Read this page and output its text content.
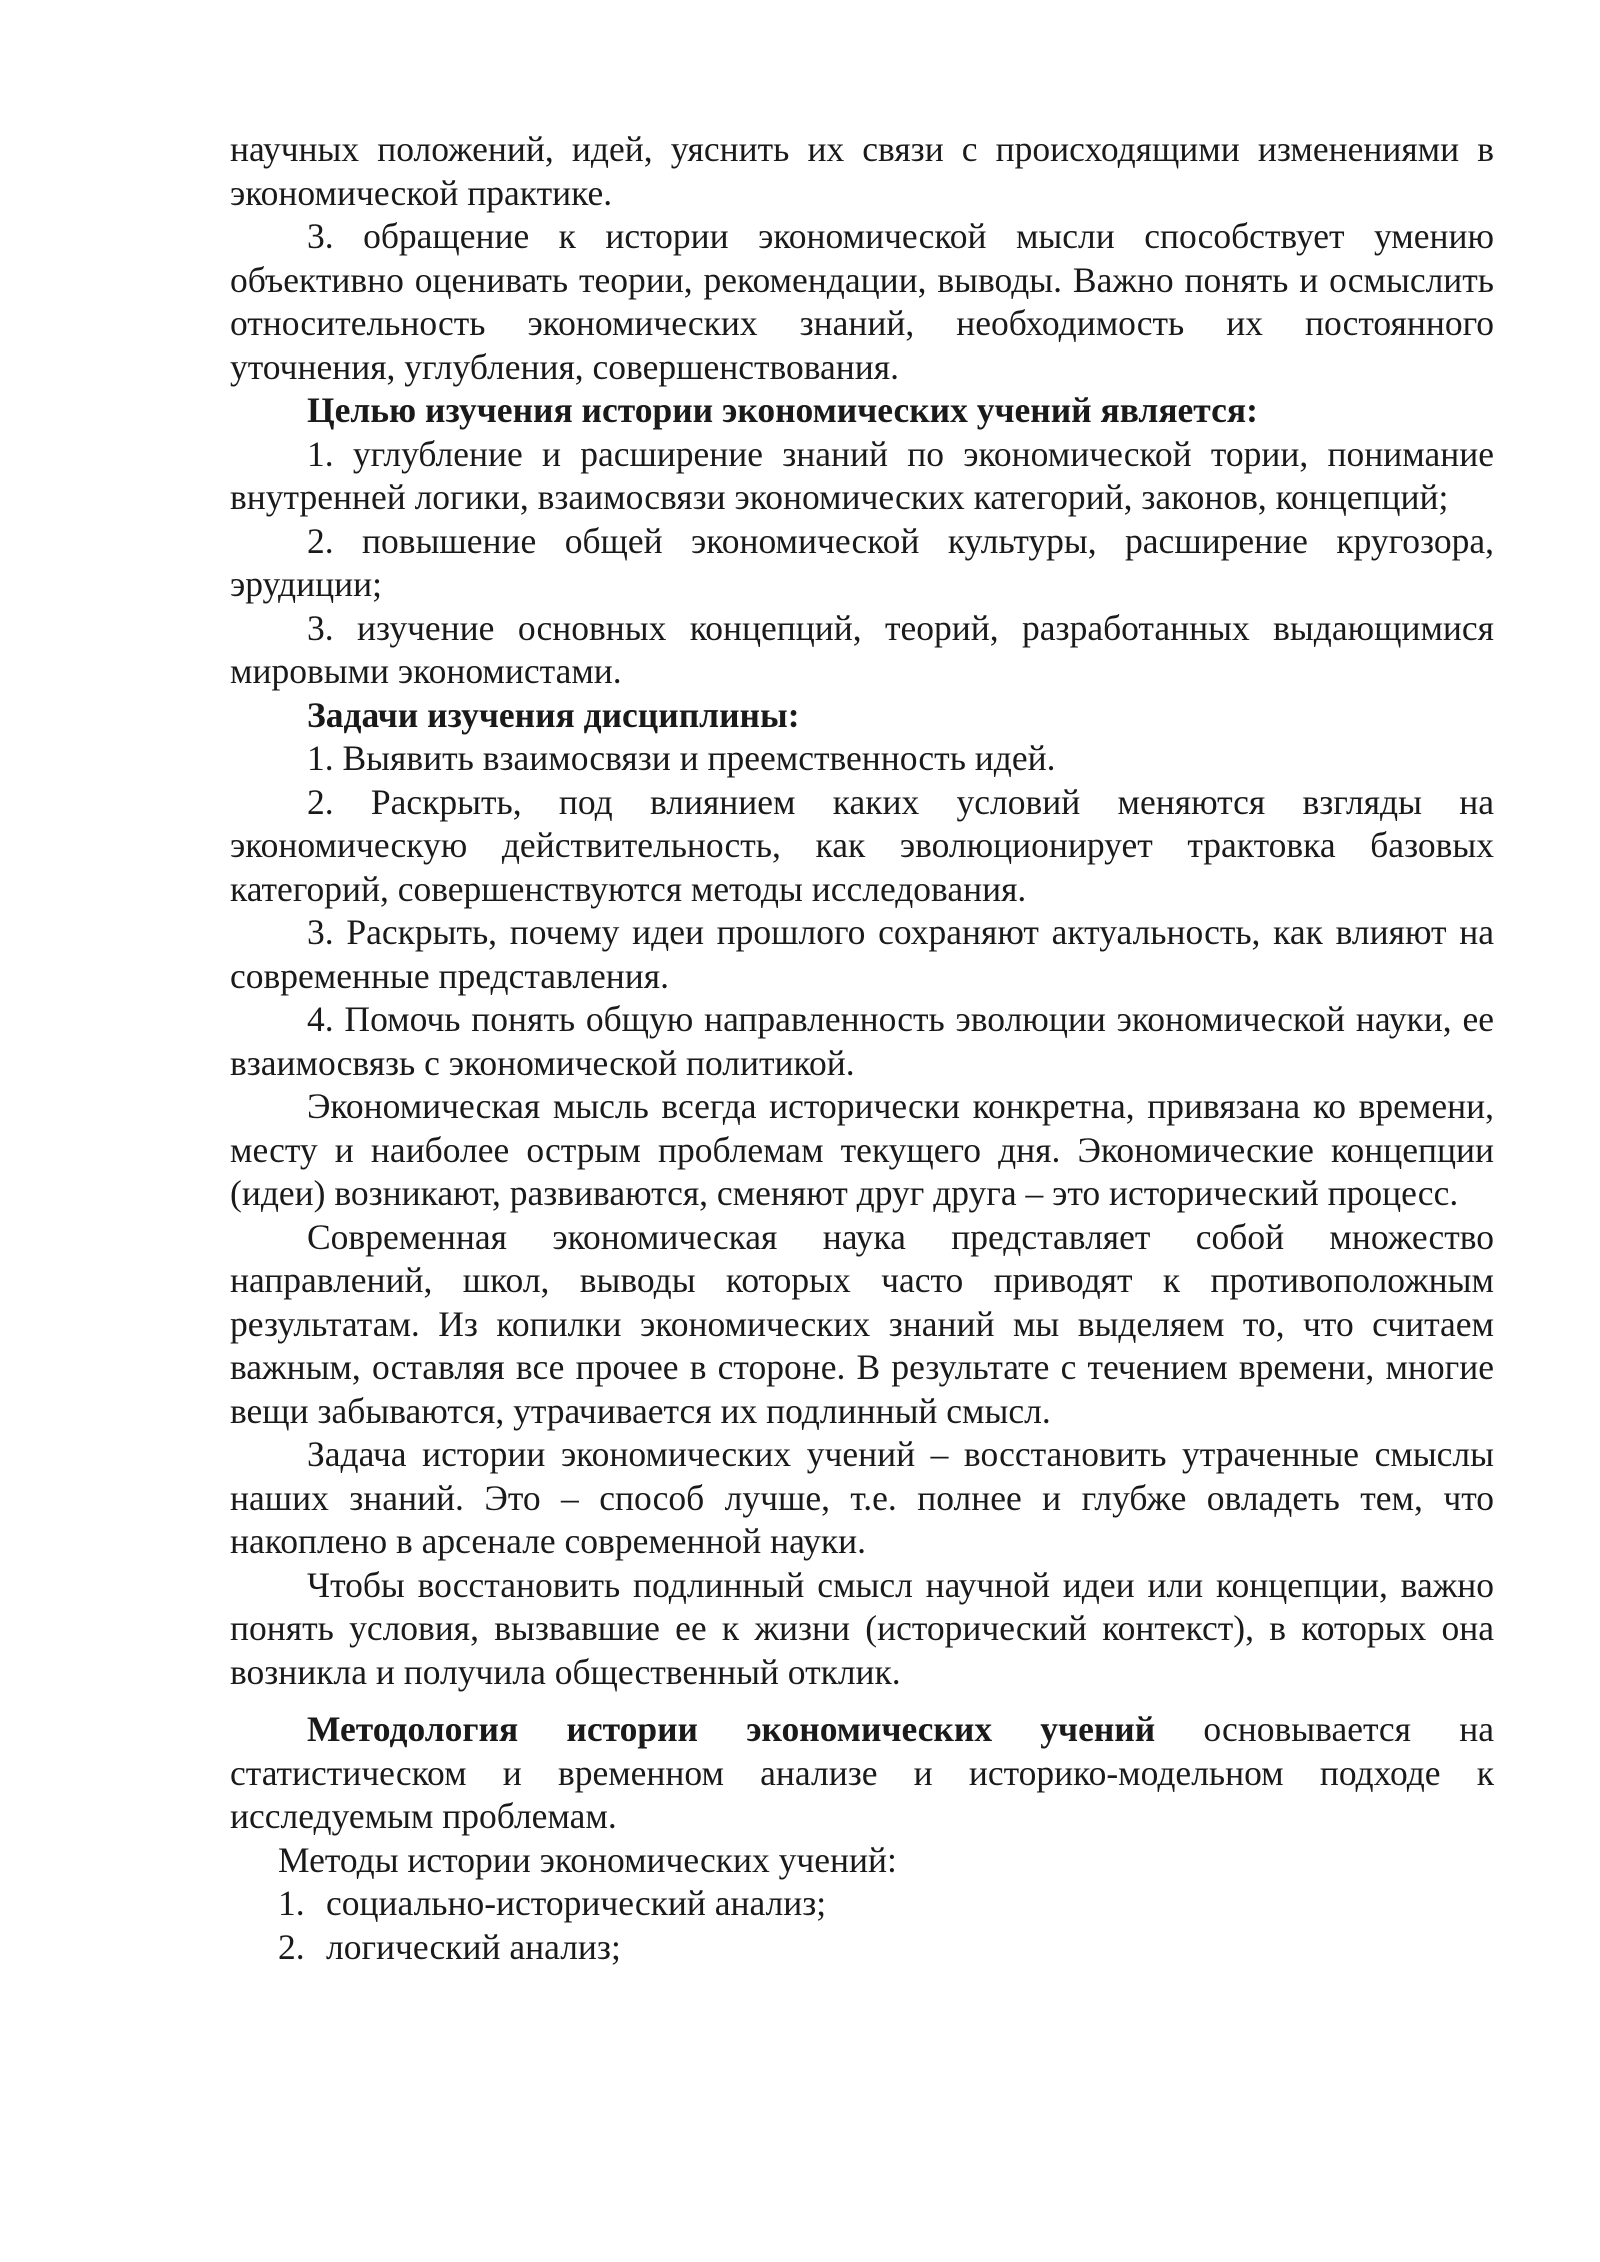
научных положений, идей, уяснить их связи с происходящими изменениями в экономической практике.

3. обращение к истории экономической мысли способствует умению объективно оценивать теории, рекомендации, выводы. Важно понять и осмыслить относительность экономических знаний, необходимость их постоянного уточнения, углубления, совершенствования.

Целью изучения истории экономических учений является:

1. углубление и расширение знаний по экономической тории, понимание внутренней логики, взаимосвязи экономических категорий, законов, концепций;

2. повышение общей экономической культуры, расширение кругозора, эрудиции;

3. изучение основных концепций, теорий, разработанных выдающимися мировыми экономистами.

Задачи изучения дисциплины:

1. Выявить взаимосвязи и преемственность идей.

2. Раскрыть, под влиянием каких условий меняются взгляды на экономическую действительность, как эволюционирует трактовка базовых категорий, совершенствуются методы исследования.

3. Раскрыть, почему идеи прошлого сохраняют актуальность, как влияют на современные представления.

4. Помочь понять общую направленность эволюции экономической науки, ее взаимосвязь с экономической политикой.

Экономическая мысль всегда исторически конкретна, привязана ко времени, месту и наиболее острым проблемам текущего дня. Экономические концепции (идеи) возникают, развиваются, сменяют друг друга – это исторический процесс.

Современная экономическая наука представляет собой множество направлений, школ, выводы которых часто приводят к противоположным результатам. Из копилки экономических знаний мы выделяем то, что считаем важным, оставляя все прочее в стороне. В результате с течением времени, многие вещи забываются, утрачивается их подлинный смысл.

Задача истории экономических учений – восстановить утраченные смыслы наших знаний. Это – способ лучше, т.е. полнее и глубже овладеть тем, что накоплено в арсенале современной науки.

Чтобы восстановить подлинный смысл научной идеи или концепции, важно понять условия, вызвавшие ее к жизни (исторический контекст), в которых она возникла и получила общественный отклик.

Методология истории экономических учений основывается на статистическом и временном анализе и историко-модельном подходе к исследуемым проблемам.

Методы истории экономических учений:

1. социально-исторический анализ;
2. логический анализ;
